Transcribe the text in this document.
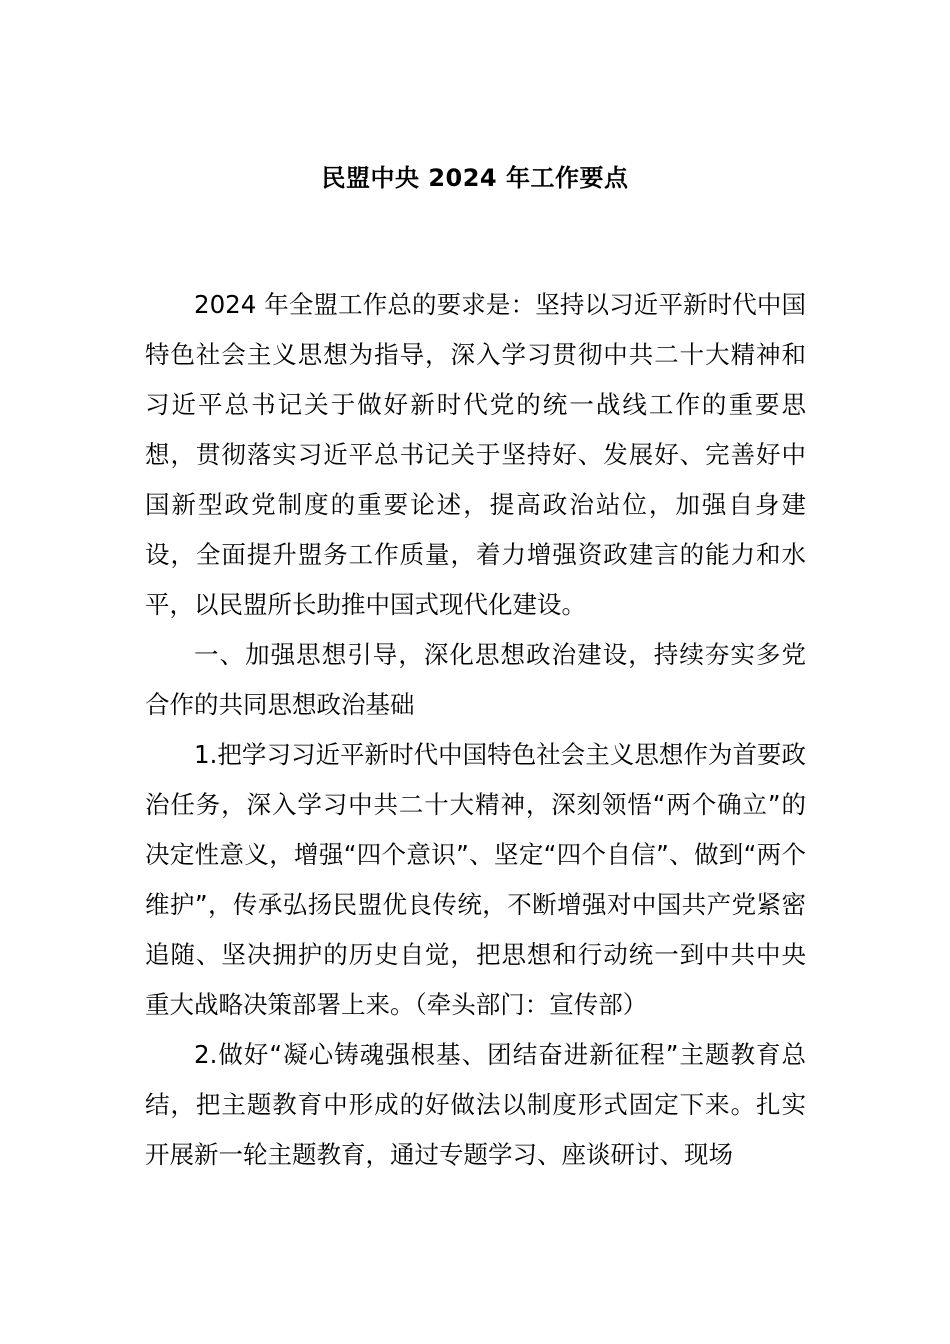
民盟中央 2024 年工作要点

2024 年全盟工作总的要求是：坚持以习近平新时代中国特色社会主义思想为指导，深入学习贯彻中共二十大精神和习近平总书记关于做好新时代党的统一战线工作的重要思想，贯彻落实习近平总书记关于坚持好、发展好、完善好中国新型政党制度的重要论述，提高政治站位，加强自身建设，全面提升盟务工作质量，着力增强资政建言的能力和水平，以民盟所长助推中国式现代化建设。

一、加强思想引导，深化思想政治建设，持续夯实多党合作的共同思想政治基础

1.把学习习近平新时代中国特色社会主义思想作为首要政治任务，深入学习中共二十大精神，深刻领悟“两个确立”的决定性意义，增强“四个意识”、坚定“四个自信”、做到“两个维护”，传承弘扬民盟优良传统，不断增强对中国共产党紧密追随、坚决拥护的历史自觉，把思想和行动统一到中共中央重大战略决策部署上来。（牵头部门：宣传部）

2.做好“凝心铸魂强根基、团结奋进新征程”主题教育总结，把主题教育中形成的好做法以制度形式固定下来。扎实开展新一轮主题教育，通过专题学习、座谈研讨、现场
